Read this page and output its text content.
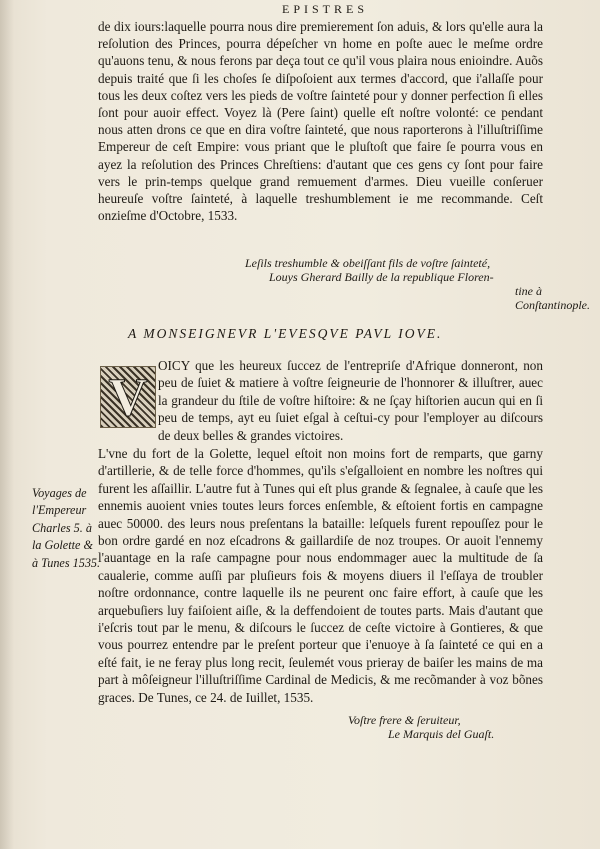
EPISTRES

de dix iours:laquelle pourra nous dire premierement ſon aduis, & lors qu'elle aura la reſolution des Princes, pourra dépeſcher vn home en poſte auec le meſme ordre qu'auons tenu, & nous ferons par deça tout ce qu'il vous plaira nous enioindre. Auõs depuis traité que ſi les choſes ſe diſpoſoient aux termes d'accord, que i'allaſſe pour tous les deux coſtez vers les pieds de voſtre ſainteté pour y donner perfection ſi elles ſont pour auoir effect. Voyez là (Pere ſaint) quelle eſt noſtre volonté: ce pendant nous atten drons ce que en dira voſtre ſainteté, que nous raporterons à l'illuſtriſſime Empereur de ceſt Empire: vous priant que le pluſtoſt que faire ſe pourra vous en ayez la reſolution des Princes Chreſtiens: d'autant que ces gens cy ſont pour faire vers le prin-temps quelque grand remuement d'armes. Dieu vueille conſeruer heureuſe voſtre ſainteté, à laquelle treshumblement ie me recommande. Ceſt onzieſme d'Octobre, 1533.

Leſils treshumble & obeiſſant fils de voſtre ſainteté,
Louys Gherard Bailly de la republique Floren-
tine à Conſtantinople.
A MONSEIGNEVR L'EVESQVE PAVL IOVE.
V
OICY que les heureux ſuccez de l'entrepriſe d'Afrique donneront, non peu de ſuiet & matiere à voſtre ſeigneurie de l'honnorer & illuſtrer, auec la grandeur du ſtile de voſtre hiſtoire: & ne ſçay hiſtorien aucun qui en ſi peu de temps, ayt eu ſuiet eſgal à ceſtui-cy pour l'employer au diſcours de deux belles & grandes victoires.

L'vne du fort de la Golette, lequel eſtoit non moins fort de remparts, que garny d'artillerie, & de telle force d'hommes, qu'ils s'eſgalloient en nombre les noſtres qui furent les aſſaillir. L'autre fut à Tunes qui eſt plus grande & ſegnalee, à cauſe que les ennemis auoient vnies toutes leurs forces enſemble, & eſtoient fortis en campagne auec 50000. des leurs nous preſentans la bataille: leſquels furent repouſſez pour le bon ordre gardé en noz eſcadrons & gaillardiſe de noz troupes. Or auoit l'ennemy l'auantage en la raſe campagne pour nous endommager auec la multitude de ſa caualerie, comme auſſi par pluſieurs fois & moyens diuers il l'eſſaya de troubler noſtre ordonnance, contre laquelle ils ne peurent onc faire effort, à cauſe que les arquebuſiers luy faiſoient aiſle, & la deffendoient de toutes parts. Mais d'autant que i'eſcris tout par le menu, & diſcours le ſuccez de ceſte victoire à Gontieres, & que vous pourrez entendre par le preſent porteur que i'enuoye à ſa ſainteté ce qui en a eſté fait, ie ne feray plus long recit, ſeulemét vous prieray de baiſer les mains de ma part à môſeigneur l'illuſtriſſime Cardinal de Medicis, & me recõmander à voz bõnes graces. De Tunes, ce 24. de Iuillet, 1535.

Voyages de l'Empereur Charles 5. à la Golette & à Tunes 1535.
Voſtre frere & ſeruiteur,
Le Marquis del Guaſt.
